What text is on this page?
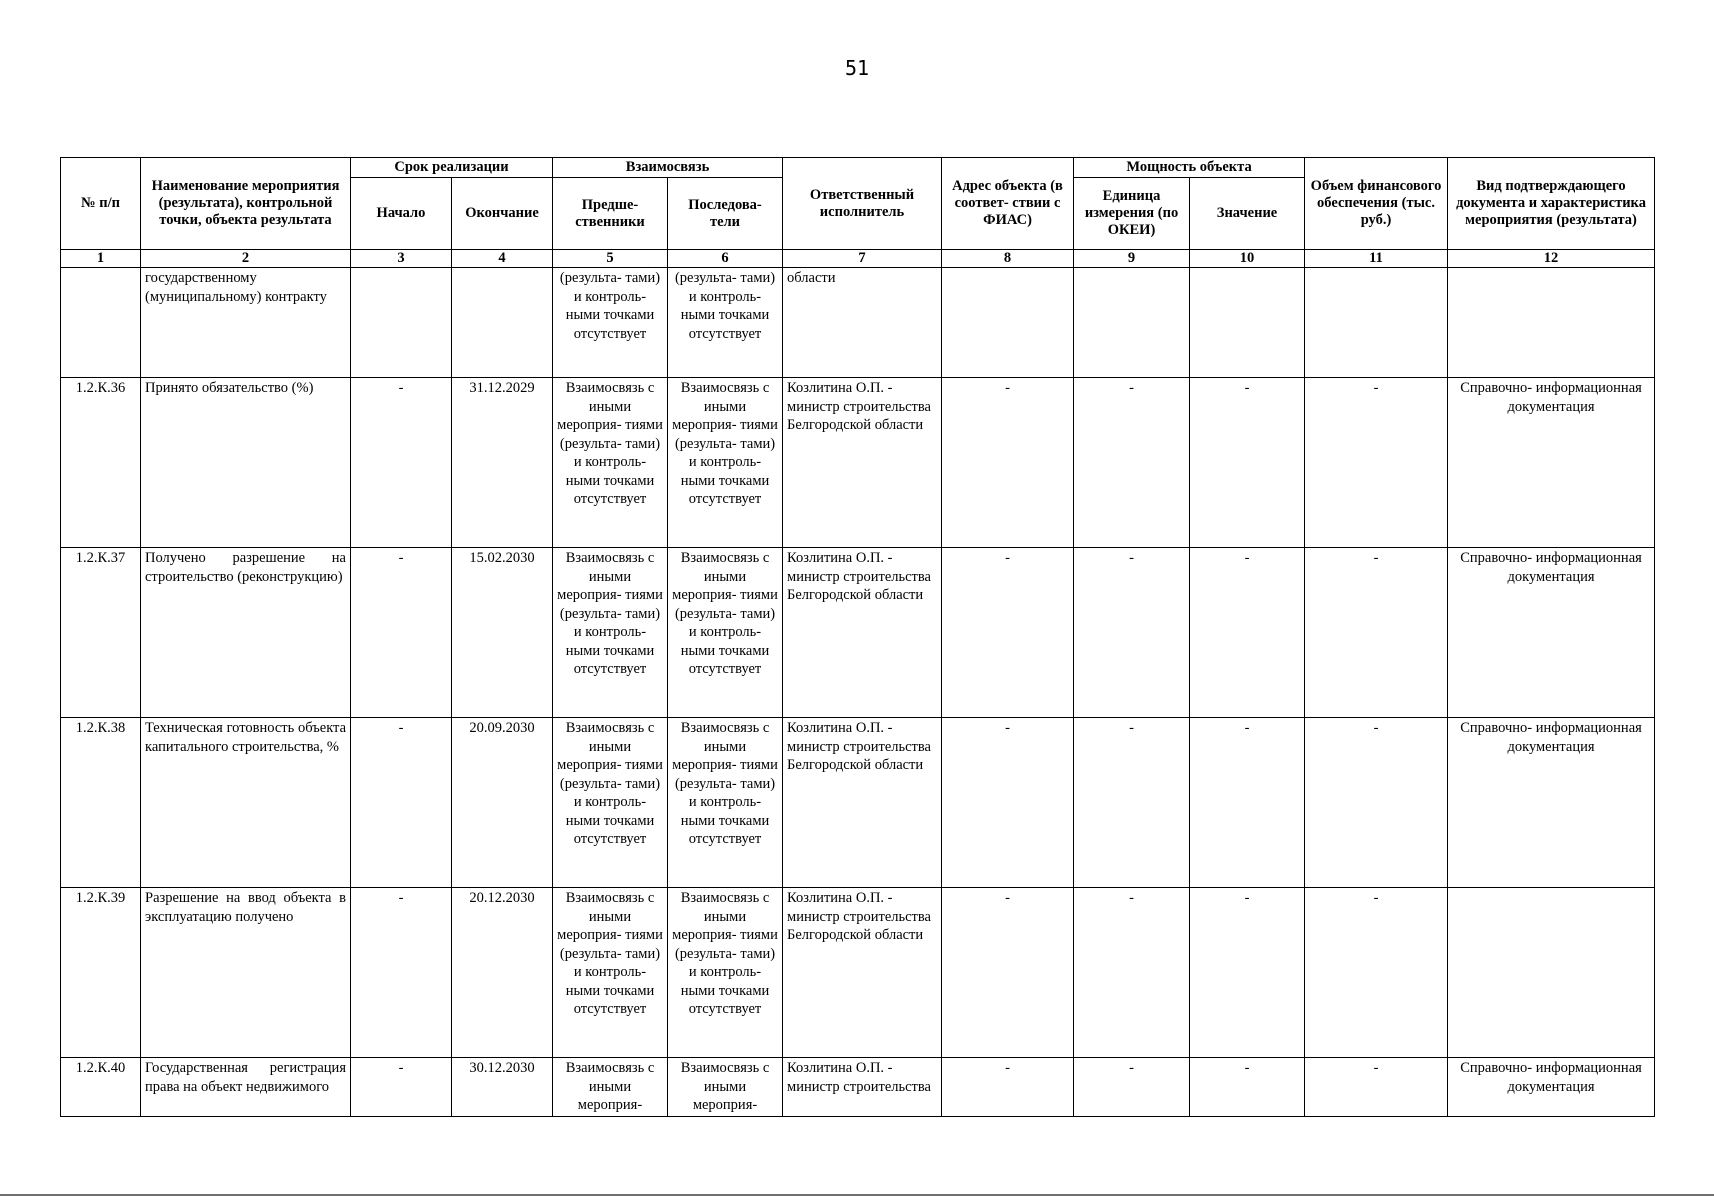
51
№ п/п	Наименование мероприятия (результата), контрольной точки, объекта результата	Срок реализации		Взаимосвязь		Ответственный исполнитель	Адрес объекта (в соответ- ствии с ФИАС)	Мощность объекта		Объем финансового обеспечения (тыс. руб.)	Вид подтверждающего документа и характеристика мероприятия (результата)
		Начало	Окончание	Предше- ственники	Последова- тели			Единица измерения (по ОКЕИ)	Значение		
1	2	3	4	5	6	7	8	9	10	11	12
	государственному (муниципальному) контракту			(результа- тами) и контроль- ными точками отсутствует	(результа- тами) и контроль- ными точками отсутствует	области					
1.2.К.36	Принято обязательство (%)	-	31.12.2029	Взаимосвязь с иными мероприя- тиями (результа- тами) и контроль- ными точками отсутствует	Взаимосвязь с иными мероприя- тиями (результа- тами) и контроль- ными точками отсутствует	Козлитина О.П. - министр строительства Белгородской области	-	-	-	-	Справочно- информационная документация
1.2.К.37	Получено разрешение на строительство (реконструкцию)	-	15.02.2030	Взаимосвязь с иными мероприя- тиями (результа- тами) и контроль- ными точками отсутствует	Взаимосвязь с иными мероприя- тиями (результа- тами) и контроль- ными точками отсутствует	Козлитина О.П. - министр строительства Белгородской области	-	-	-	-	Справочно- информационная документация
1.2.К.38	Техническая готовность объекта капитального строительства, %	-	20.09.2030	Взаимосвязь с иными мероприя- тиями (результа- тами) и контроль- ными точками отсутствует	Взаимосвязь с иными мероприя- тиями (результа- тами) и контроль- ными точками отсутствует	Козлитина О.П. - министр строительства Белгородской области	-	-	-	-	Справочно- информационная документация
1.2.К.39	Разрешение на ввод объекта в эксплуатацию получено	-	20.12.2030	Взаимосвязь с иными мероприя- тиями (результа- тами) и контроль- ными точками отсутствует	Взаимосвязь с иными мероприя- тиями (результа- тами) и контроль- ными точками отсутствует	Козлитина О.П. - министр строительства Белгородской области	-	-	-	-	
1.2.К.40	Государственная регистрация права на объект недвижимого	-	30.12.2030	Взаимосвязь с иными мероприя-	Взаимосвязь с иными мероприя-	Козлитина О.П. - министр строительства	-	-	-	-	Справочно- информационная документация
